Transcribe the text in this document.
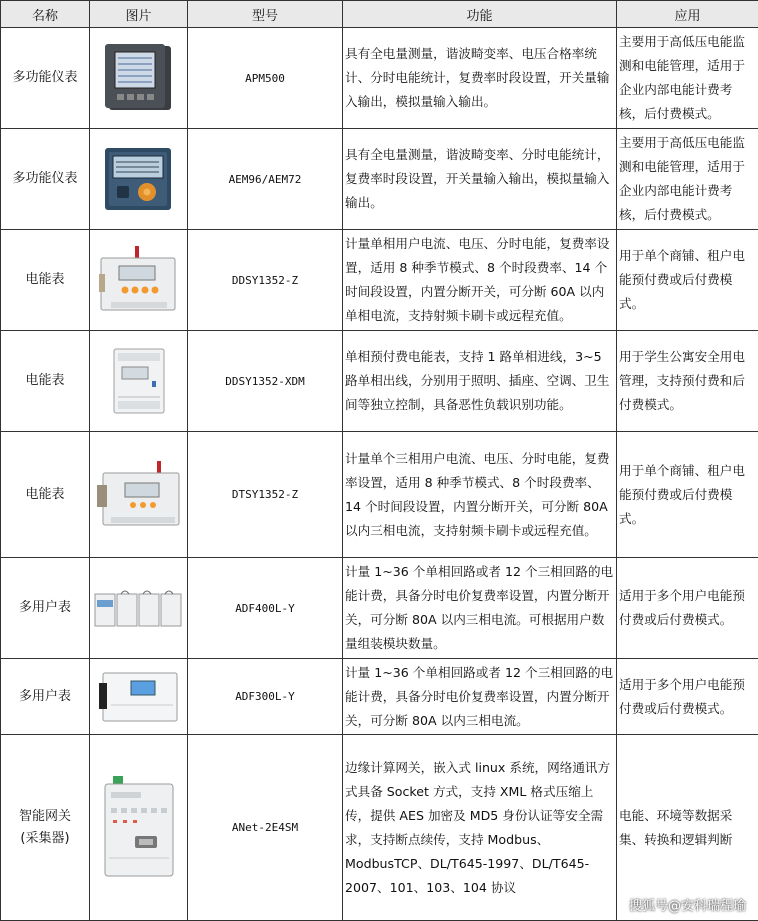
名称	图片	型号	功能	应用

多功能仪表		APM500	具有全电量测量，谐波畸变率、电压合格率统计、分时电能统计，复费率时段设置，开关量输入输出，模拟量输入输出。	主要用于高低压电能监测和电能管理，适用于企业内部电能计费考核，后付费模式。

多功能仪表		AEM96/AEM72	具有全电量测量，谐波畸变率、分时电能统计，复费率时段设置，开关量输入输出，模拟量输入输出。	主要用于高低压电能监测和电能管理，适用于企业内部电能计费考核，后付费模式。

电能表		DDSY1352-Z	计量单相用户电流、电压、分时电能，复费率设置，适用 8 种季节模式、8 个时段费率、14 个时间段设置，内置分断开关，可分断 60A 以内单相电流，支持射频卡刷卡或远程充值。	用于单个商铺、租户电能预付费或后付费模式。

电能表		DDSY1352-XDM	单相预付费电能表，支持 1 路单相进线，3~5 路单相出线，分别用于照明、插座、空调、卫生间等独立控制，具备恶性负载识别功能。	用于学生公寓安全用电管理，支持预付费和后付费模式。

电能表		DTSY1352-Z	计量单个三相用户电流、电压、分时电能，复费率设置，适用 8 种季节模式、8 个时段费率、14 个时间段设置，内置分断开关，可分断 80A 以内三相电流，支持射频卡刷卡或远程充值。	用于单个商铺、租户电能预付费或后付费模式。

多用户表		ADF400L-Y	计量 1~36 个单相回路或者 12 个三相回路的电能计费，具备分时电价复费率设置，内置分断开关，可分断 80A 以内三相电流。可根据用户数量组装模块数量。	适用于多个用户电能预付费或后付费模式。

多用户表		ADF300L-Y	计量 1~36 个单相回路或者 12 个三相回路的电能计费，具备分时电价复费率设置，内置分断开关，可分断 80A 以内三相电流。	适用于多个用户电能预付费或后付费模式。

智能网关
(采集器)		ANet-2E4SM	边缘计算网关，嵌入式 linux 系统，网络通讯方式具备 Socket 方式，支持 XML 格式压缩上传，提供 AES 加密及 MD5 身份认证等安全需求，支持断点续传，支持 Modbus、ModbusTCP、DL/T645-1997、DL/T645-2007、101、103、104 协议	电能、环境等数据采集、转换和逻辑判断
搜狐号@安科瑞程瑜
